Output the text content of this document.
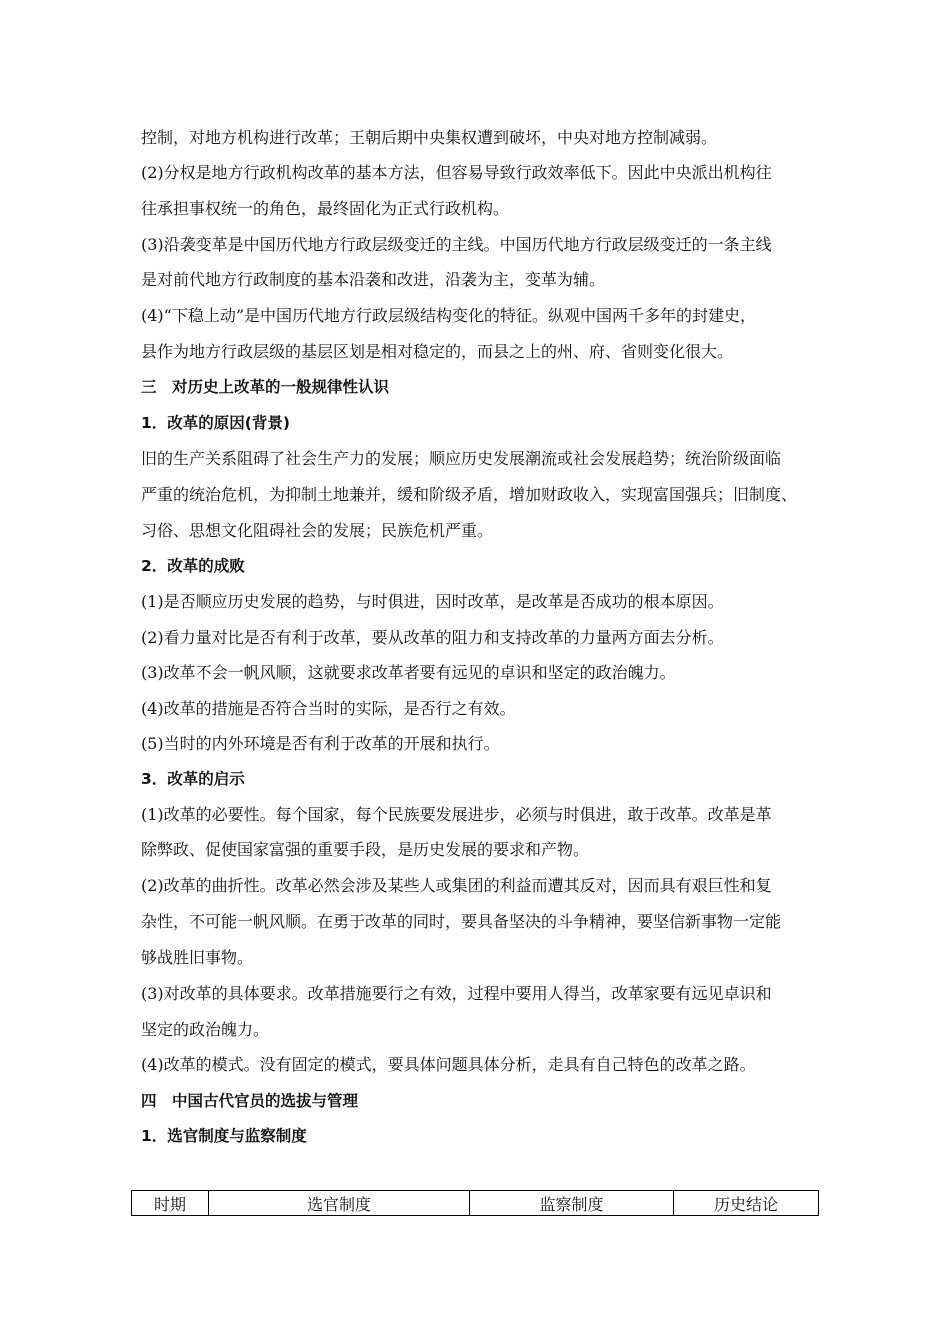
控制，对地方机构进行改革；王朝后期中央集权遭到破坏，中央对地方控制减弱。
(2)分权是地方行政机构改革的基本方法，但容易导致行政效率低下。因此中央派出机构往
往承担事权统一的角色，最终固化为正式行政机构。
(3)沿袭变革是中国历代地方行政层级变迁的主线。中国历代地方行政层级变迁的一条主线
是对前代地方行政制度的基本沿袭和改进，沿袭为主，变革为辅。
(4)“下稳上动”是中国历代地方行政层级结构变化的特征。纵观中国两千多年的封建史，
县作为地方行政层级的基层区划是相对稳定的，而县之上的州、府、省则变化很大。
三　对历史上改革的一般规律性认识
1．改革的原因(背景)
旧的生产关系阻碍了社会生产力的发展；顺应历史发展潮流或社会发展趋势；统治阶级面临
严重的统治危机，为抑制土地兼并，缓和阶级矛盾，增加财政收入，实现富国强兵；旧制度、
习俗、思想文化阻碍社会的发展；民族危机严重。
2．改革的成败
(1)是否顺应历史发展的趋势，与时俱进，因时改革，是改革是否成功的根本原因。
(2)看力量对比是否有利于改革，要从改革的阻力和支持改革的力量两方面去分析。
(3)改革不会一帆风顺，这就要求改革者要有远见的卓识和坚定的政治魄力。
(4)改革的措施是否符合当时的实际，是否行之有效。
(5)当时的内外环境是否有利于改革的开展和执行。
3．改革的启示
(1)改革的必要性。每个国家，每个民族要发展进步，必须与时俱进，敢于改革。改革是革
除弊政、促使国家富强的重要手段，是历史发展的要求和产物。
(2)改革的曲折性。改革必然会涉及某些人或集团的利益而遭其反对，因而具有艰巨性和复
杂性，不可能一帆风顺。在勇于改革的同时，要具备坚决的斗争精神，要坚信新事物一定能
够战胜旧事物。
(3)对改革的具体要求。改革措施要行之有效，过程中要用人得当，改革家要有远见卓识和
坚定的政治魄力。
(4)改革的模式。没有固定的模式，要具体问题具体分析，走具有自己特色的改革之路。
四　中国古代官员的选拔与管理
1．选官制度与监察制度
时期	选官制度	监察制度	历史结论
